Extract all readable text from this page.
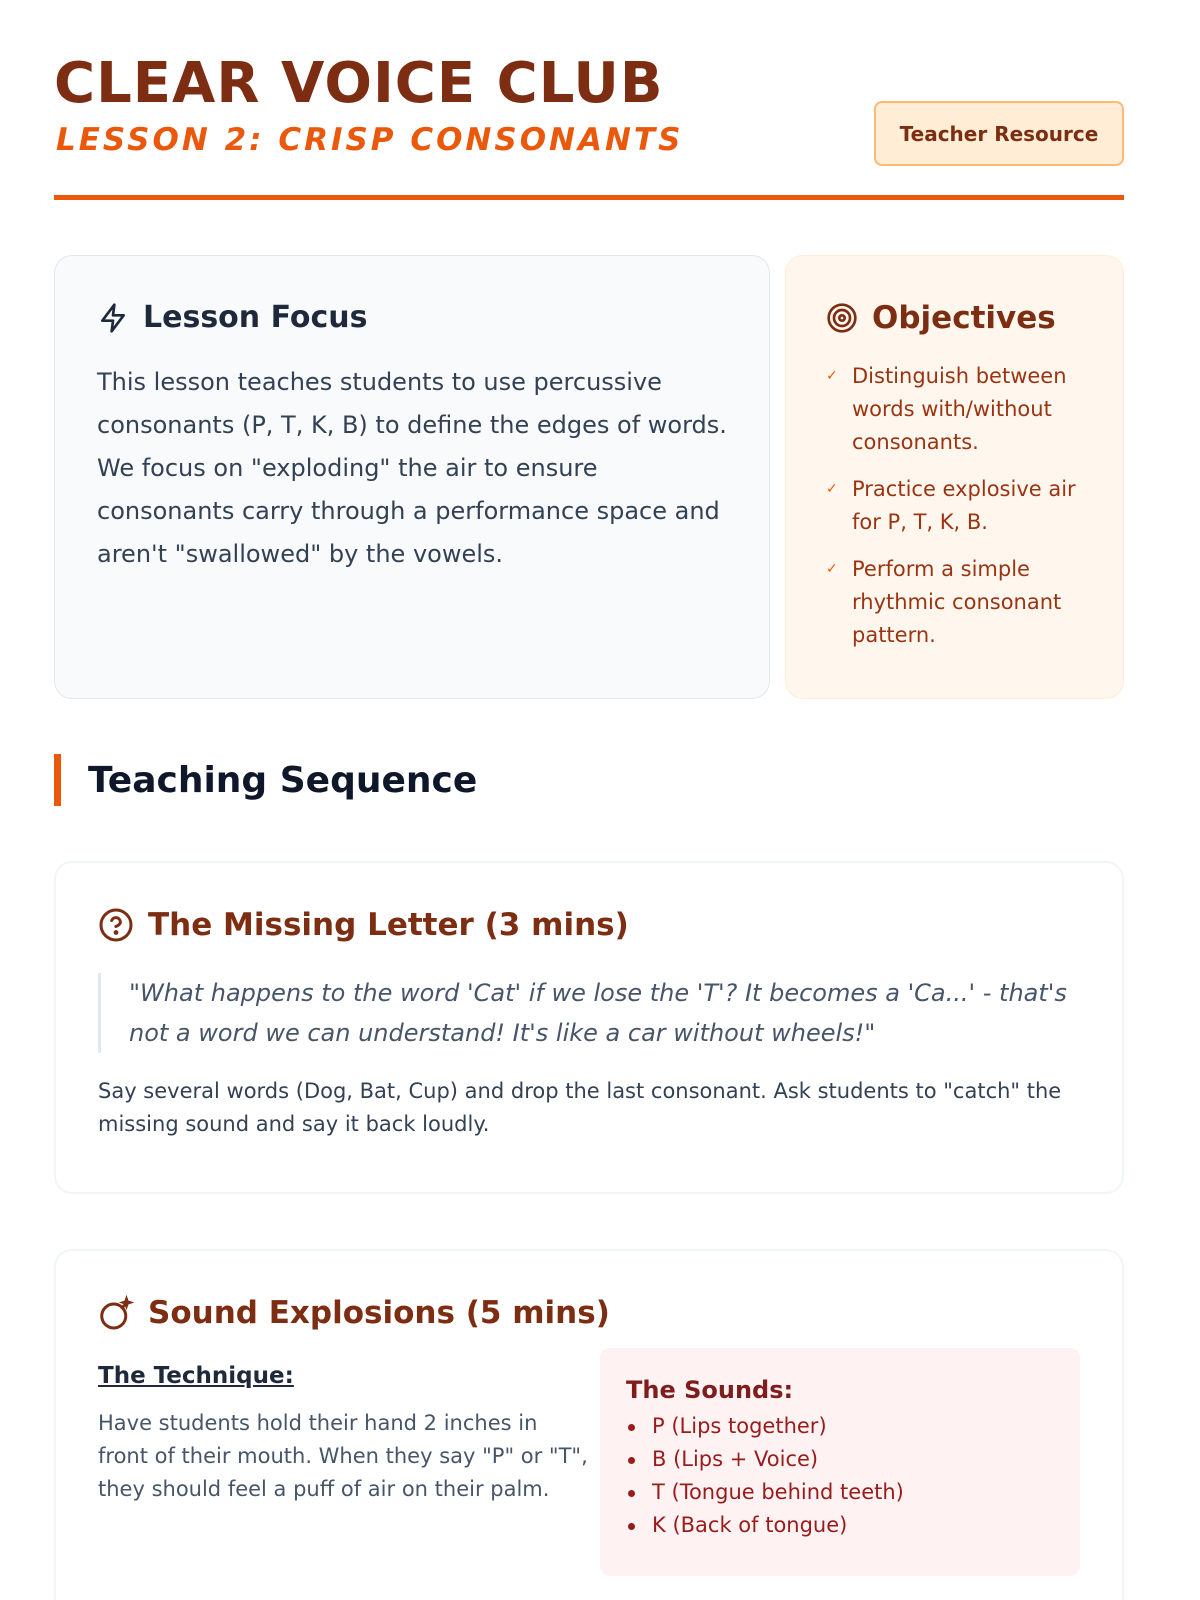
CLEAR VOICE CLUB
LESSON 2: CRISP CONSONANTS	Teacher Resource
Lesson Focus

This lesson teaches students to use percussive consonants (P, T, K, B) to define the edges of words. We focus on "exploding" the air to ensure consonants carry through a performance space and aren't "swallowed" by the vowels.

Objectives
✓ Distinguish between words with/without consonants.
✓ Practice explosive air for P, T, K, B.
✓ Perform a simple rhythmic consonant pattern.
Teaching Sequence
The Missing Letter (3 mins)
"What happens to the word 'Cat' if we lose the 'T'? It becomes a 'Ca...' - that's not a word we can understand! It's like a car without wheels!"

Say several words (Dog, Bat, Cup) and drop the last consonant. Ask students to "catch" the missing sound and say it back loudly.

Sound Explosions (5 mins)
The Technique:

Have students hold their hand 2 inches in front of their mouth. When they say "P" or "T", they should feel a puff of air on their palm.

The Sounds:
P (Lips together)
B (Lips + Voice)
T (Tongue behind teeth)
K (Back of tongue)
